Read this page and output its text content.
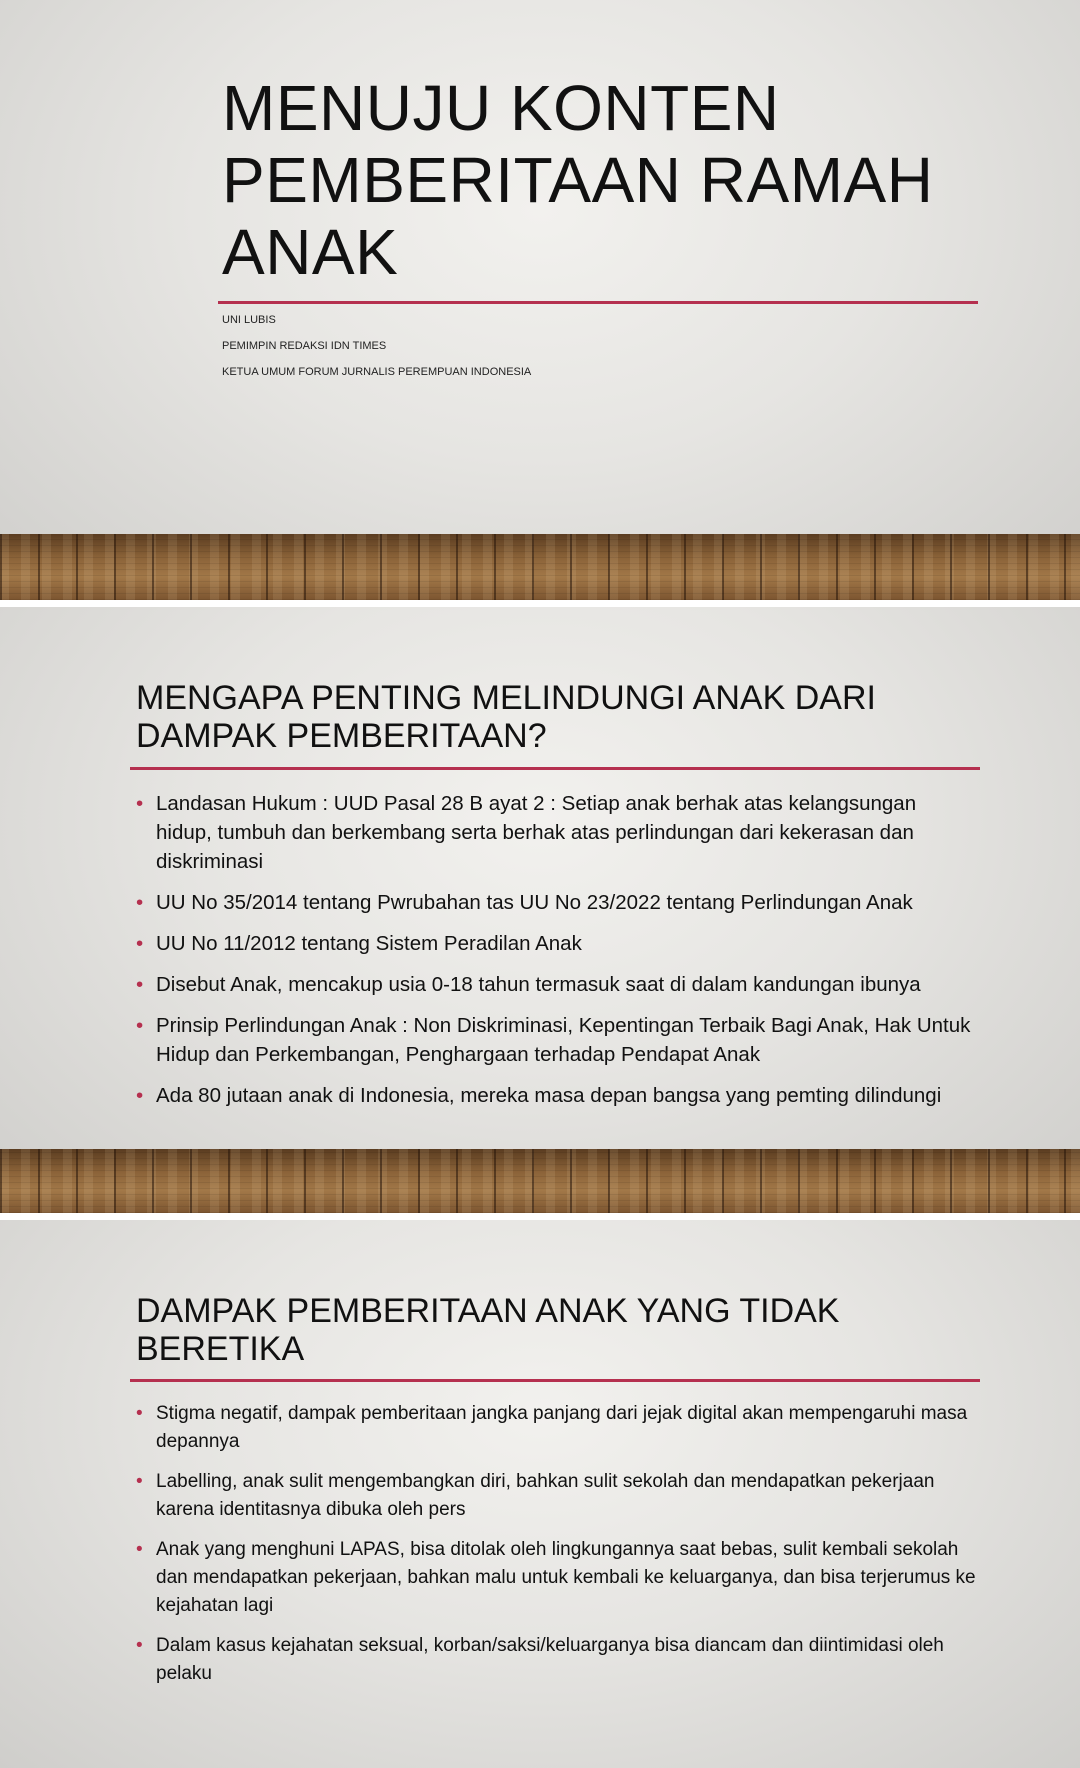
MENUJU KONTEN PEMBERITAAN RAMAH ANAK

UNI LUBIS

PEMIMPIN REDAKSI IDN TIMES

KETUA UMUM FORUM JURNALIS PEREMPUAN INDONESIA

MENGAPA PENTING MELINDUNGI ANAK DARI DAMPAK PEMBERITAAN?
• Landasan Hukum : UUD Pasal 28 B ayat 2 : Setiap anak berhak atas kelangsungan hidup, tumbuh dan berkembang serta berhak atas perlindungan dari kekerasan dan diskriminasi
• UU No 35/2014 tentang Pwrubahan tas UU No 23/2022 tentang Perlindungan Anak
• UU No 11/2012 tentang Sistem Peradilan Anak
• Disebut Anak, mencakup usia 0-18 tahun termasuk saat di dalam kandungan ibunya
• Prinsip Perlindungan Anak : Non Diskriminasi, Kepentingan Terbaik Bagi Anak, Hak Untuk Hidup dan Perkembangan, Penghargaan terhadap Pendapat Anak
• Ada 80 jutaan anak di Indonesia, mereka masa depan bangsa yang pemting dilindungi
DAMPAK PEMBERITAAN ANAK YANG TIDAK BERETIKA
• Stigma negatif, dampak pemberitaan jangka panjang dari jejak digital akan mempengaruhi masa depannya
• Labelling, anak sulit mengembangkan diri, bahkan sulit sekolah dan mendapatkan pekerjaan karena identitasnya dibuka oleh pers
• Anak yang menghuni LAPAS, bisa ditolak oleh lingkungannya saat bebas, sulit kembali sekolah dan mendapatkan pekerjaan, bahkan malu untuk kembali ke keluarganya, dan bisa terjerumus ke kejahatan lagi
• Dalam kasus kejahatan seksual, korban/saksi/keluarganya bisa diancam dan diintimidasi oleh pelaku
